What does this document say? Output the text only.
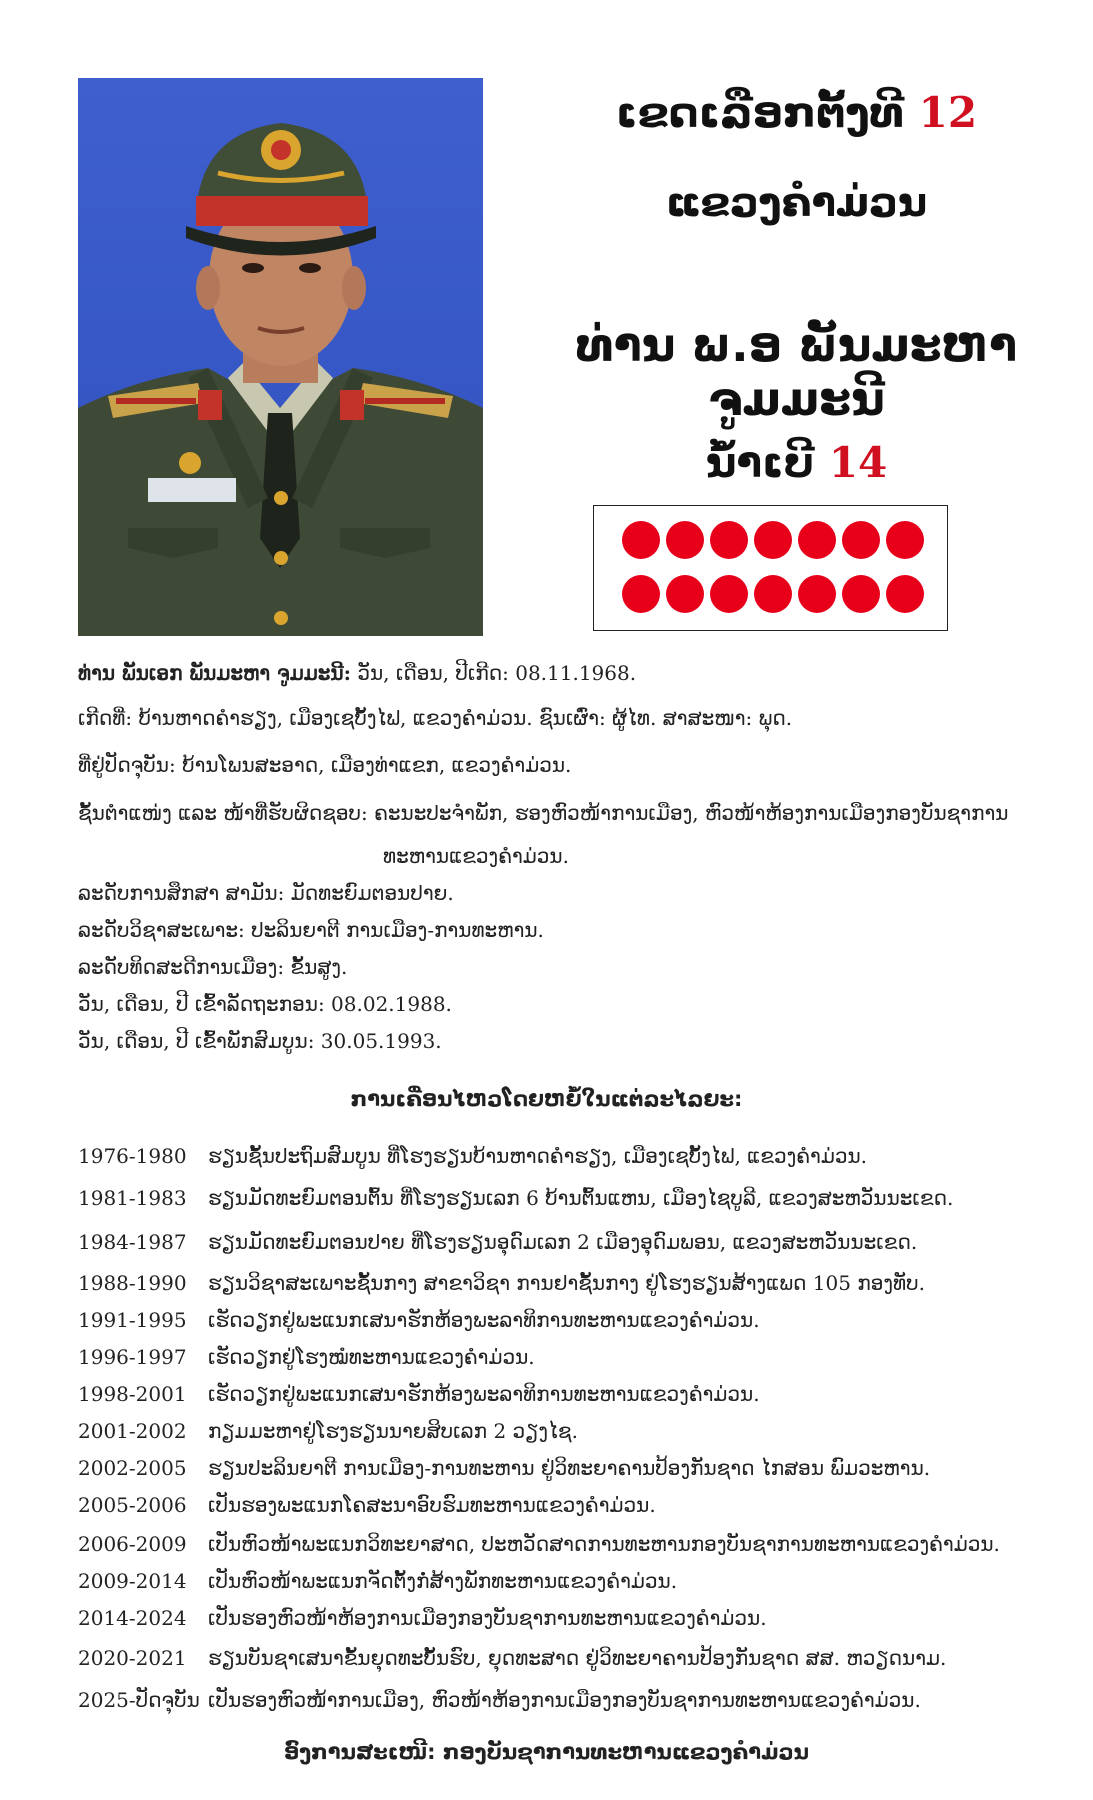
ເຂດເລືອກຕັ້ງທີ 12
ແຂວງຄຳມ່ວນ
ທ່ານ ພ.ອ ພັນມະຫາ ຈູມມະນີ
ນ້ຳເບີ 14
ທ່ານ ພັນເອກ ພັນມະຫາ ຈູມມະນີ: ວັນ, ເດືອນ, ປີເກີດ: 08.11.1968.
ເກີດທີ່: ບ້ານຫາດຄຳຮຽງ, ເມືອງເຊບັ້ງໄຟ, ແຂວງຄຳມ່ວນ. ຊົນເຜົ່າ: ຜູ້ໄທ. ສາສະໜາ: ພຸດ.
ທີ່ຢູ່ປັດຈຸບັນ: ບ້ານໂພນສະອາດ, ເມືອງທ່າແຂກ, ແຂວງຄຳມ່ວນ.
ຊັ້ນຕຳແໜ່ງ ແລະ ໜ້າທີ່ຮັບຜິດຊອບ: ຄະນະປະຈຳພັກ, ຮອງຫົວໜ້າການເມືອງ, ຫົວໜ້າຫ້ອງການເມືອງກອງບັນຊາການ
ທະຫານແຂວງຄຳມ່ວນ.
ລະດັບການສຶກສາ ສາມັນ: ມັດທະຍົມຕອນປາຍ.
ລະດັບວິຊາສະເພາະ: ປະລິນຍາຕີ ການເມືອງ-ການທະຫານ.
ລະດັບທິດສະດີການເມືອງ: ຂັ້ນສູງ.
ວັນ, ເດືອນ, ປີ ເຂົ້າລັດຖະກອນ: 08.02.1988.
ວັນ, ເດືອນ, ປີ ເຂົ້າພັກສົມບູນ: 30.05.1993.
ການເຄື່ອນໄຫວໂດຍຫຍໍ້ໃນແຕ່ລະໄລຍະ:
1976-1980 ຮຽນຊັ້ນປະຖົມສົມບູນ ທີ່ໂຮງຮຽນບ້ານຫາດຄຳຮຽງ, ເມືອງເຊບັ້ງໄຟ, ແຂວງຄຳມ່ວນ.
1981-1983 ຮຽນມັດທະຍົມຕອນຕົ້ນ ທີ່ໂຮງຮຽນເລກ 6 ບ້ານຕົ້ນແຫນ, ເມືອງໄຊບູລີ, ແຂວງສະຫວັນນະເຂດ.
1984-1987 ຮຽນມັດທະຍົມຕອນປາຍ ທີ່ໂຮງຮຽນອຸດົມເລກ 2 ເມືອງອຸດົມພອນ, ແຂວງສະຫວັນນະເຂດ.
1988-1990 ຮຽນວິຊາສະເພາະຊັ້ນກາງ ສາຂາວິຊາ ການຢາຊັ້ນກາງ ຢູ່ໂຮງຮຽນສ້າງແພດ 105 ກອງທັບ.
1991-1995 ເຮັດວຽກຢູ່ພະແນກເສນາຮັກຫ້ອງພະລາທິການທະຫານແຂວງຄຳມ່ວນ.
1996-1997 ເຮັດວຽກຢູ່ໂຮງໝໍທະຫານແຂວງຄຳມ່ວນ.
1998-2001 ເຮັດວຽກຢູ່ພະແນກເສນາຮັກຫ້ອງພະລາທິການທະຫານແຂວງຄຳມ່ວນ.
2001-2002 ກຽມມະຫາຢູ່ໂຮງຮຽນນາຍສິບເລກ 2 ວຽງໄຊ.
2002-2005 ຮຽນປະລິນຍາຕີ ການເມືອງ-ການທະຫານ ຢູ່ວິທະຍາຄານປ້ອງກັນຊາດ ໄກສອນ ພົມວະຫານ.
2005-2006 ເປັນຮອງພະແນກໂຄສະນາອົບຮົມທະຫານແຂວງຄຳມ່ວນ.
2006-2009 ເປັນຫົວໜ້າພະແນກວິທະຍາສາດ, ປະຫວັດສາດການທະຫານກອງບັນຊາການທະຫານແຂວງຄຳມ່ວນ.
2009-2014 ເປັນຫົວໜ້າພະແນກຈັດຕັ້ງກໍ່ສ້າງພັກທະຫານແຂວງຄຳມ່ວນ.
2014-2024 ເປັນຮອງຫົວໜ້າຫ້ອງການເມືອງກອງບັນຊາການທະຫານແຂວງຄຳມ່ວນ.
2020-2021 ຮຽນບັນຊາເສນາຂັ້ນຍຸດທະບັ້ນຮົບ, ຍຸດທະສາດ ຢູ່ວິທະຍາຄານປ້ອງກັນຊາດ ສສ. ຫວຽດນາມ.
2025-ປັດຈຸບັນ ເປັນຮອງຫົວໜ້າການເມືອງ, ຫົວໜ້າຫ້ອງການເມືອງກອງບັນຊາການທະຫານແຂວງຄຳມ່ວນ.
ອົງການສະເໜີ: ກອງບັນຊາການທະຫານແຂວງຄຳມ່ວນ
